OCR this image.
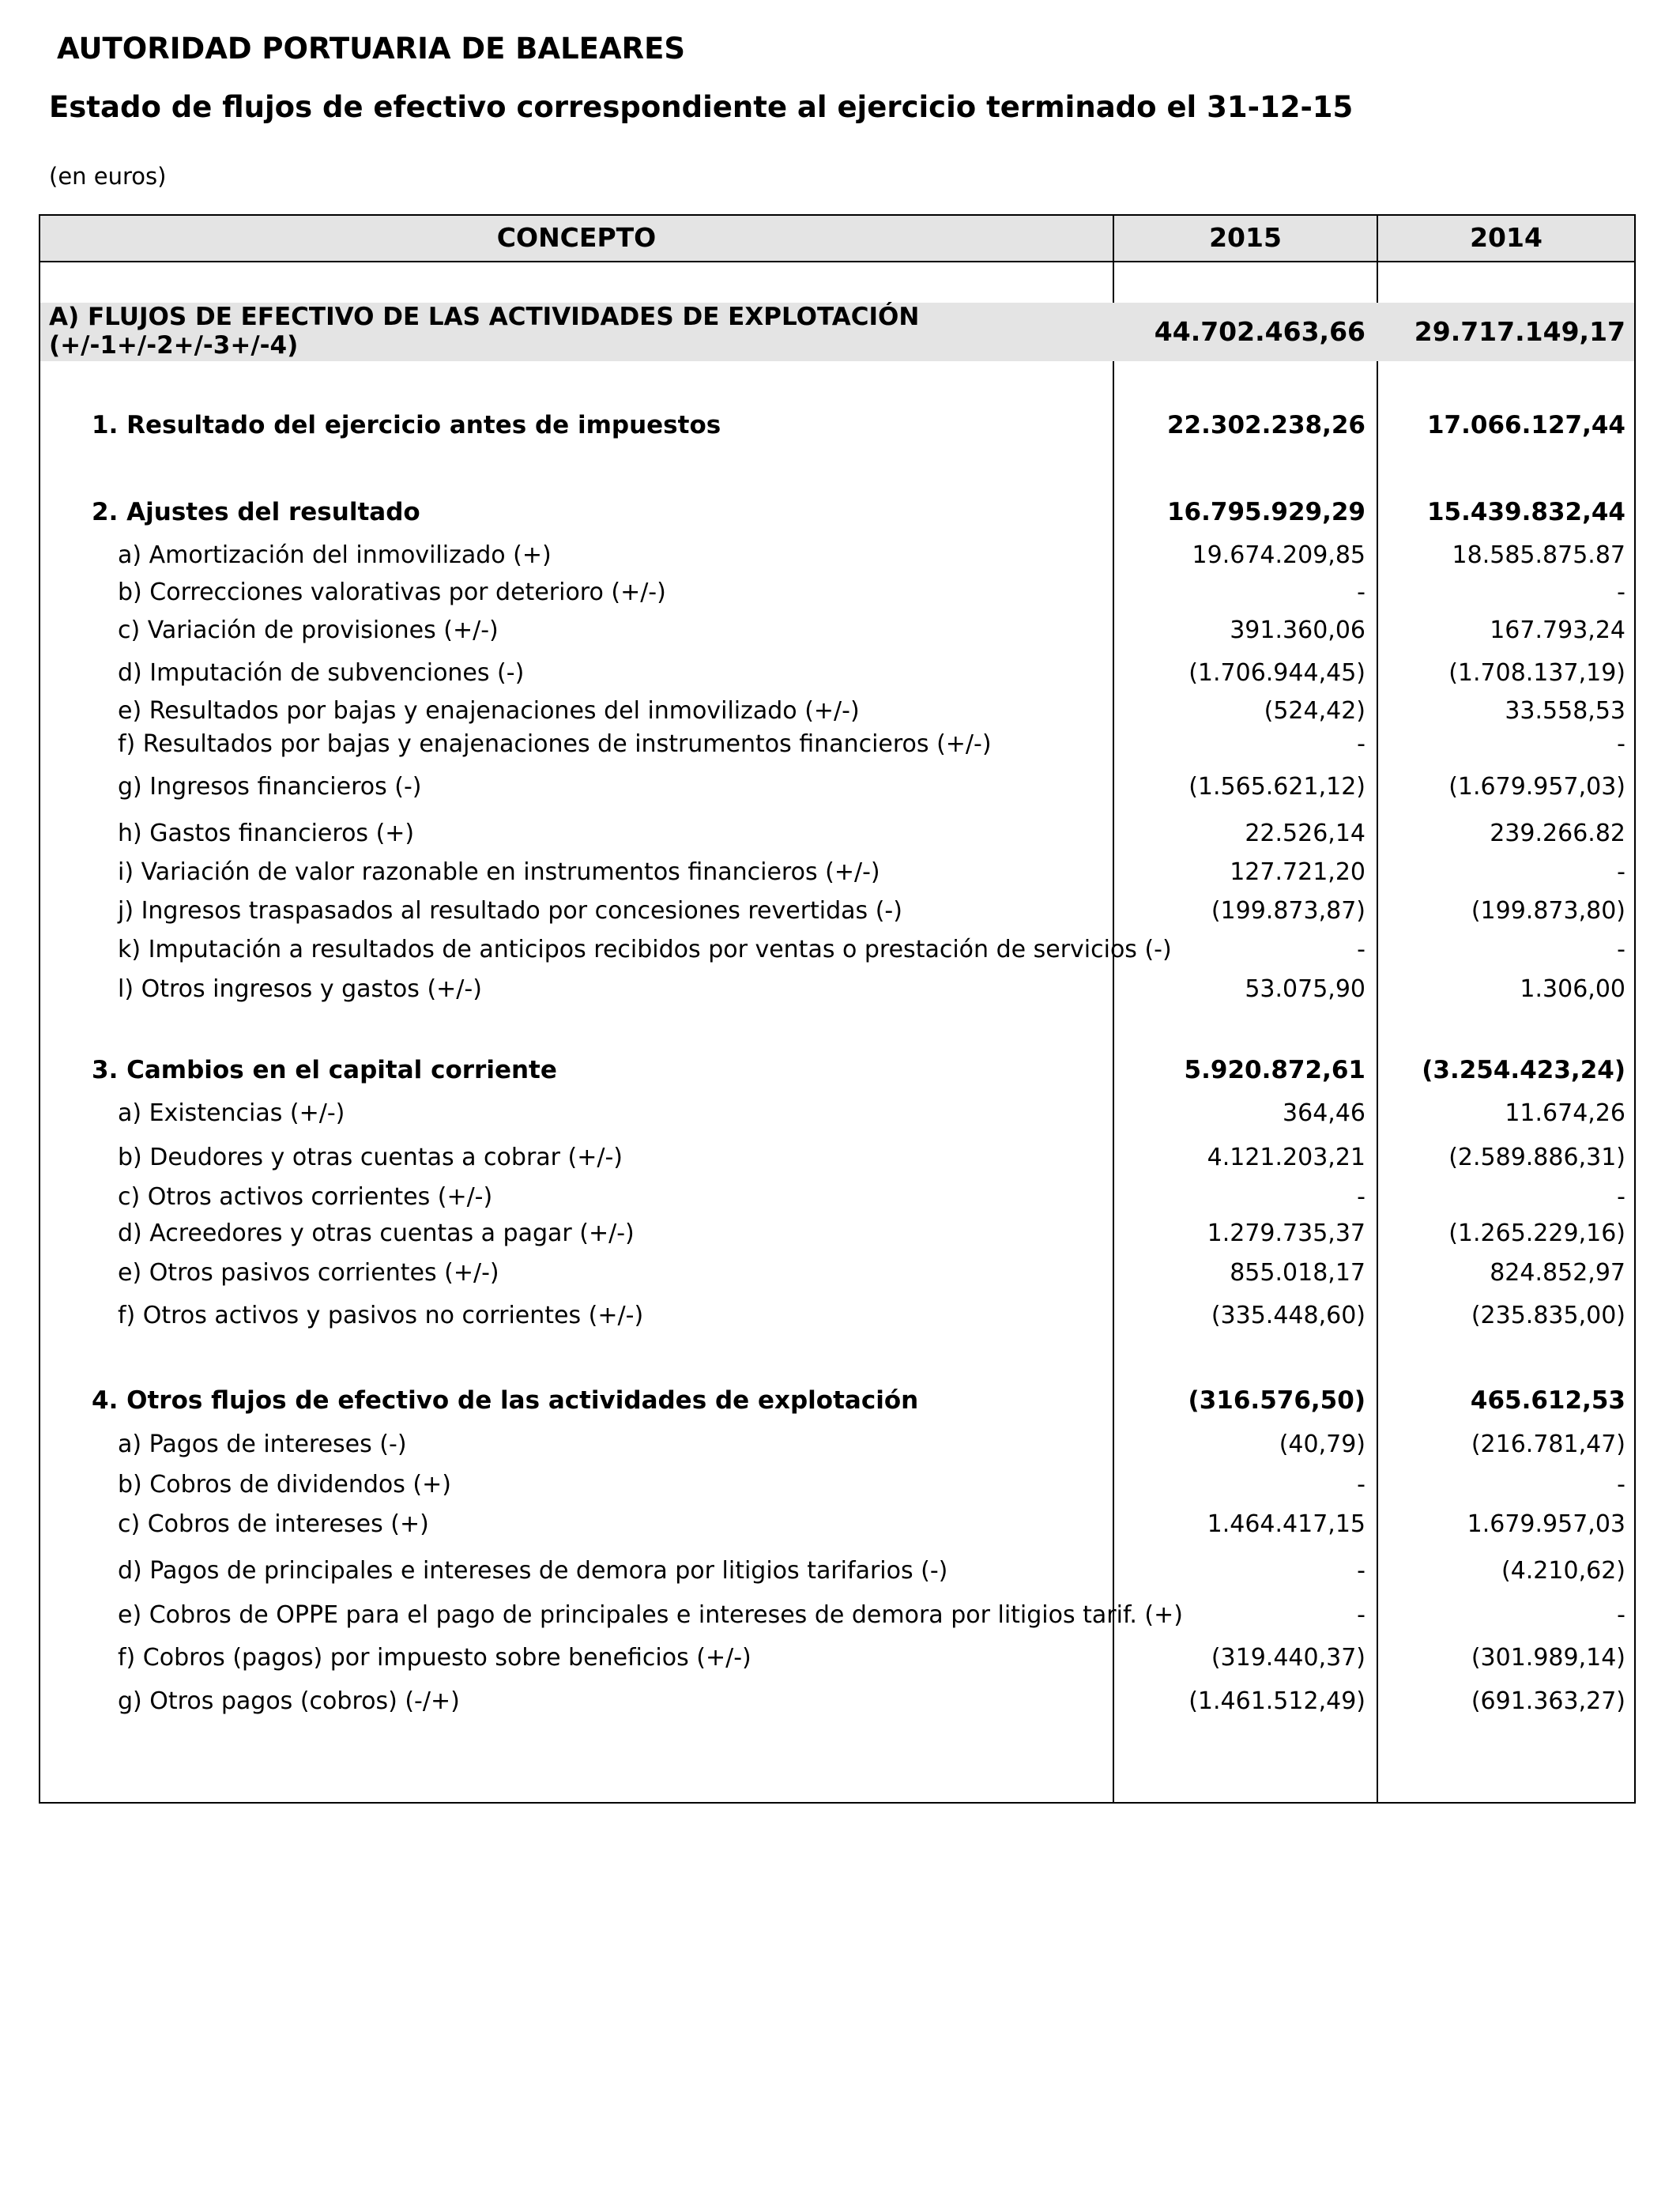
AUTORIDAD PORTUARIA DE BALEARES
Estado de flujos de efectivo correspondiente al ejercicio terminado el 31-12-15
(en euros)
CONCEPTO	2015	2014
A) FLUJOS DE EFECTIVO DE LAS ACTIVIDADES DE EXPLOTACIÓN (+/-1+/-2+/-3+/-4)	44.702.463,66	29.717.149,17
1. Resultado del ejercicio antes de impuestos	22.302.238,26	17.066.127,44
2. Ajustes del resultado	16.795.929,29	15.439.832,44
a) Amortización del inmovilizado (+)	19.674.209,85	18.585.875.87
b) Correcciones valorativas por deterioro (+/-)	-	-
c) Variación de provisiones (+/-)	391.360,06	167.793,24
d) Imputación de subvenciones (-)	(1.706.944,45)	(1.708.137,19)
e) Resultados por bajas y enajenaciones del inmovilizado (+/-)	(524,42)	33.558,53
f) Resultados por bajas y enajenaciones de instrumentos financieros (+/-)	-	-
g) Ingresos financieros (-)	(1.565.621,12)	(1.679.957,03)
h) Gastos financieros (+)	22.526,14	239.266.82
i) Variación de valor razonable en instrumentos financieros (+/-)	127.721,20	-
j) Ingresos traspasados al resultado por concesiones revertidas (-)	(199.873,87)	(199.873,80)
k) Imputación a resultados de anticipos recibidos por ventas o prestación de servicios (-)	-	-
l) Otros ingresos y gastos (+/-)	53.075,90	1.306,00
3. Cambios en el capital corriente	5.920.872,61	(3.254.423,24)
a) Existencias (+/-)	364,46	11.674,26
b) Deudores y otras cuentas a cobrar (+/-)	4.121.203,21	(2.589.886,31)
c) Otros activos corrientes (+/-)	-	-
d) Acreedores y otras cuentas a pagar (+/-)	1.279.735,37	(1.265.229,16)
e) Otros pasivos corrientes (+/-)	855.018,17	824.852,97
f) Otros activos y pasivos no corrientes (+/-)	(335.448,60)	(235.835,00)
4. Otros flujos de efectivo de las actividades de explotación	(316.576,50)	465.612,53
a) Pagos de intereses (-)	(40,79)	(216.781,47)
b) Cobros de dividendos (+)	-	-
c) Cobros de intereses (+)	1.464.417,15	1.679.957,03
d) Pagos de principales e intereses de demora por litigios tarifarios (-)	-	(4.210,62)
e) Cobros de OPPE para el pago de principales e intereses de demora por litigios tarif. (+)	-	-
f) Cobros (pagos) por impuesto sobre beneficios (+/-)	(319.440,37)	(301.989,14)
g) Otros pagos (cobros) (-/+)	(1.461.512,49)	(691.363,27)
